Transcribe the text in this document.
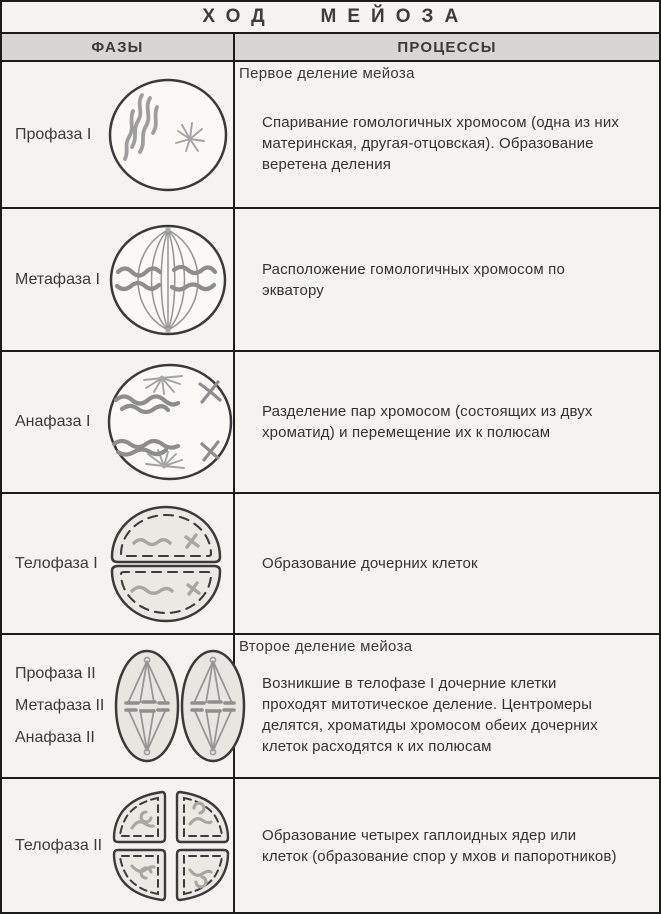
ХОД МЕЙОЗА
ФАЗЫ	ПРОЦЕССЫ
Профаза I
Первое деление мейоза

Спаривание гомологичных хромосом (одна из них материнская, другая-отцовская). Образование веретена деления

Метафаза I

Расположение гомологичных хромосом по экватору

Анафаза I

Разделение пар хромосом (состоящих из двух хроматид) и перемещение их к полюсам

Телофаза I	Образование дочерних клеток

Профаза II
Метафаза II
Анафаза II
Второе деление мейоза

Возникшие в телофазе I дочерние клетки проходят митотическое деление. Центромеры делятся, хроматиды хромосом обеих дочерних клеток расходятся к их полюсам

Телофаза II

Образование четырех гаплоидных ядер или клеток (образование спор у мхов и папоротников)
